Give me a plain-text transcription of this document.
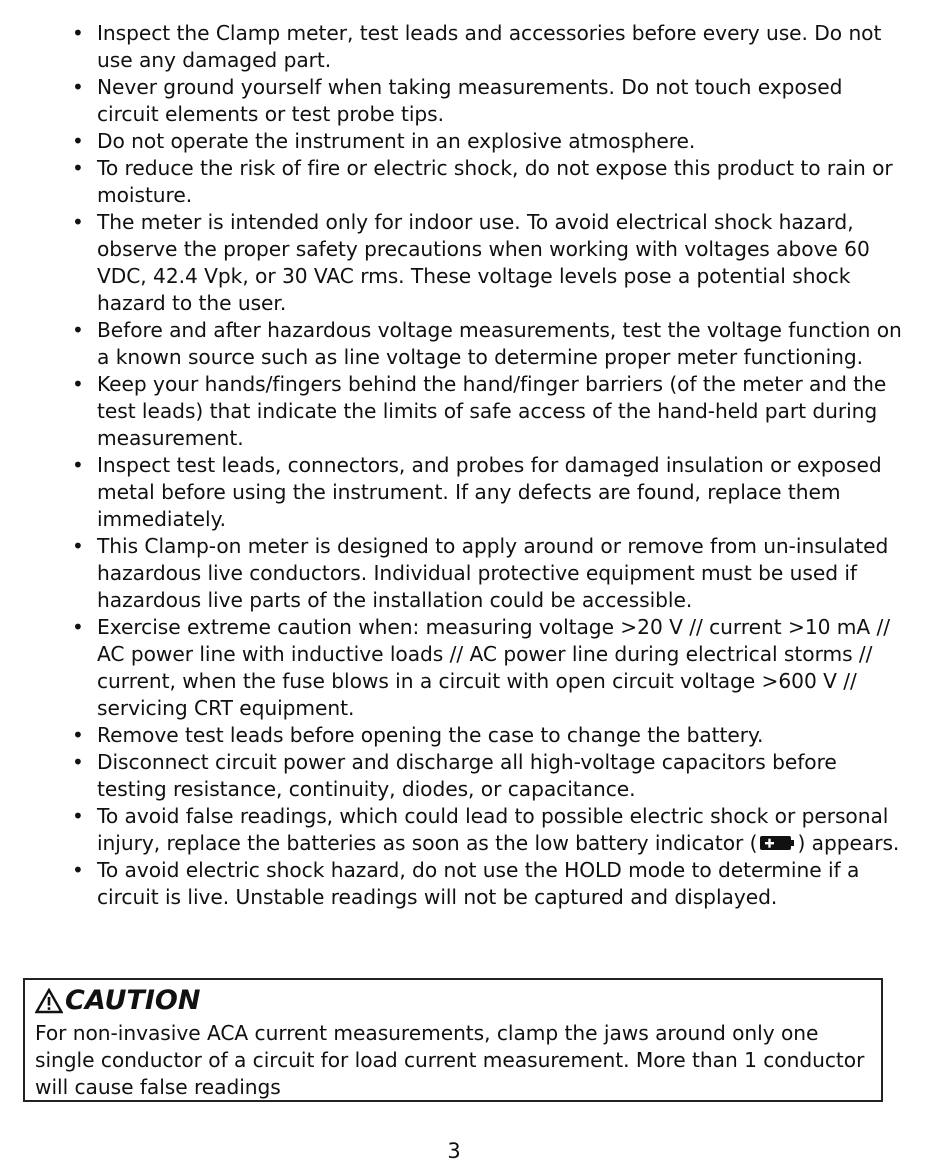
• Inspect the Clamp meter, test leads and accessories before every use. Do not use any damaged part.
• Never ground yourself when taking measurements. Do not touch exposed circuit elements or test probe tips.
• Do not operate the instrument in an explosive atmosphere.
• To reduce the risk of fire or electric shock, do not expose this product to rain or moisture.
• The meter is intended only for indoor use. To avoid electrical shock hazard, observe the proper safety precautions when working with voltages above 60 VDC, 42.4 Vpk, or 30 VAC rms. These voltage levels pose a potential shock hazard to the user.
• Before and after hazardous voltage measurements, test the voltage function on a known source such as line voltage to determine proper meter functioning.
• Keep your hands/fingers behind the hand/finger barriers (of the meter and the test leads) that indicate the limits of safe access of the hand-held part during measurement.
• Inspect test leads, connectors, and probes for damaged insulation or exposed metal before using the instrument. If any defects are found, replace them immediately.
• This Clamp-on meter is designed to apply around or remove from un-insulated hazardous live conductors. Individual protective equipment must be used if hazardous live parts of the installation could be accessible.
• Exercise extreme caution when: measuring voltage >20 V // current >10 mA // AC power line with inductive loads // AC power line during electrical storms // current, when the fuse blows in a circuit with open circuit voltage >600 V // servicing CRT equipment.
• Remove test leads before opening the case to change the battery.
• Disconnect circuit power and discharge all high-voltage capacitors before testing resistance, continuity, diodes, or capacitance.
• To avoid false readings, which could lead to possible electric shock or personal injury, replace the batteries as soon as the low battery indicator ( ) appears.
• To avoid electric shock hazard, do not use the HOLD mode to determine if a circuit is live. Unstable readings will not be captured and displayed.
CAUTION
For non-invasive ACA current measurements, clamp the jaws around only one single conductor of a circuit for load current measurement. More than 1 conductor will cause false readings
3
